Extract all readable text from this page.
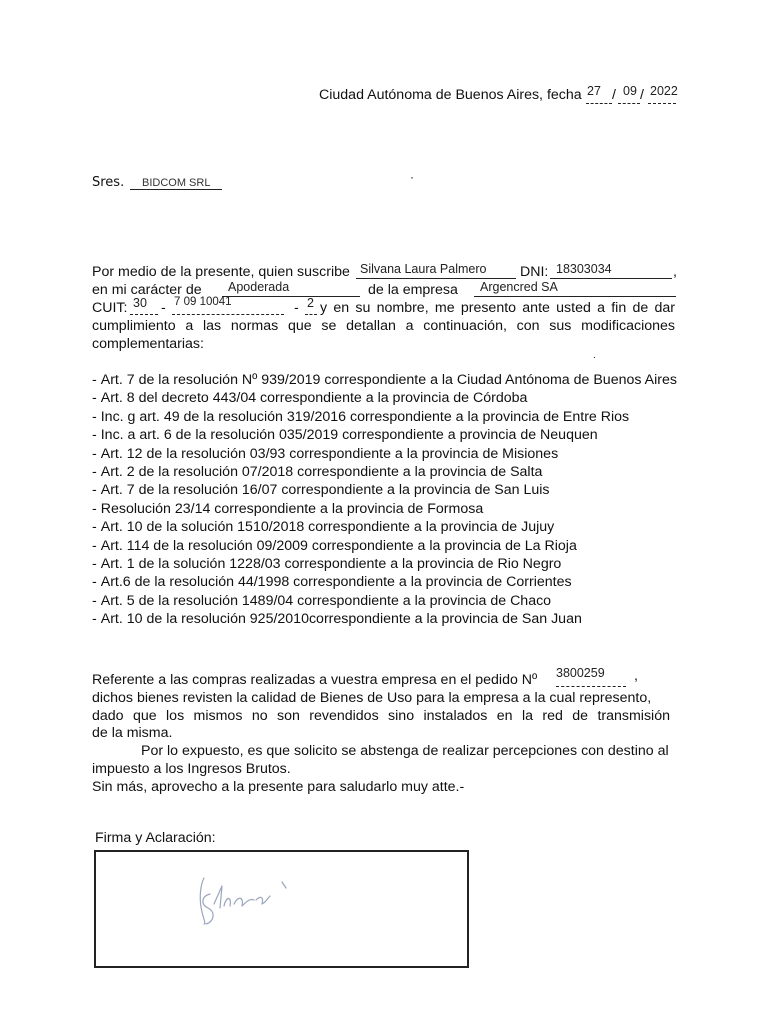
Ciudad Autónoma de Buenos Aires, fecha 27 / 09 / 2022
Sres. BIDCOM SRL	·
Por medio de la presente, quien suscribe Silvana Laura Palmero DNI: 18303034	,
en mi carácter de Apoderada	de la empresa Argencred SA
CUIT: 30 - 7 09 10041	- 2 y en su nombre, me presento ante usted a fin de dar
cumplimiento a las normas que se detallan a continuación, con sus modificaciones
complementarias:
.
- Art. 7 de la resolución Nº 939/2019 correspondiente a la Ciudad Antónoma de Buenos Aires
- Art. 8 del decreto 443/04 correspondiente a la provincia de Córdoba
- Inc. g art. 49 de la resolución 319/2016 correspondiente a la provincia de Entre Rios
- Inc. a art. 6 de la resolución 035/2019 correspondiente a provincia de Neuquen
- Art. 12 de la resolución 03/93 correspondiente a la provincia de Misiones
- Art. 2 de la resolución 07/2018 correspondiente a la provincia de Salta
- Art. 7 de la resolución 16/07 correspondiente a la provincia de San Luis
- Resolución 23/14 correspondiente a la provincia de Formosa
- Art. 10 de la solución 1510/2018 correspondiente a la provincia de Jujuy
- Art. 114 de la resolución 09/2009 correspondiente a la provincia de La Rioja
- Art. 1 de la solución 1228/03 correspondiente a la provincia de Rio Negro
- Art.6 de la resolución 44/1998 correspondiente a la provincia de Corrientes
- Art. 5 de la resolución 1489/04 correspondiente a la provincia de Chaco
- Art. 10 de la resolución 925/2010correspondiente a la provincia de San Juan
Referente a las compras realizadas a vuestra empresa en el pedido Nº 3800259 ,
dichos bienes revisten la calidad de Bienes de Uso para la empresa a la cual represento,
dado que los mismos no son revendidos sino instalados en la red de transmisión
de la misma.
Por lo expuesto, es que solicito se abstenga de realizar percepciones con destino al
impuesto a los Ingresos Brutos.
Sin más, aprovecho a la presente para saludarlo muy atte.-
Firma y Aclaración:
